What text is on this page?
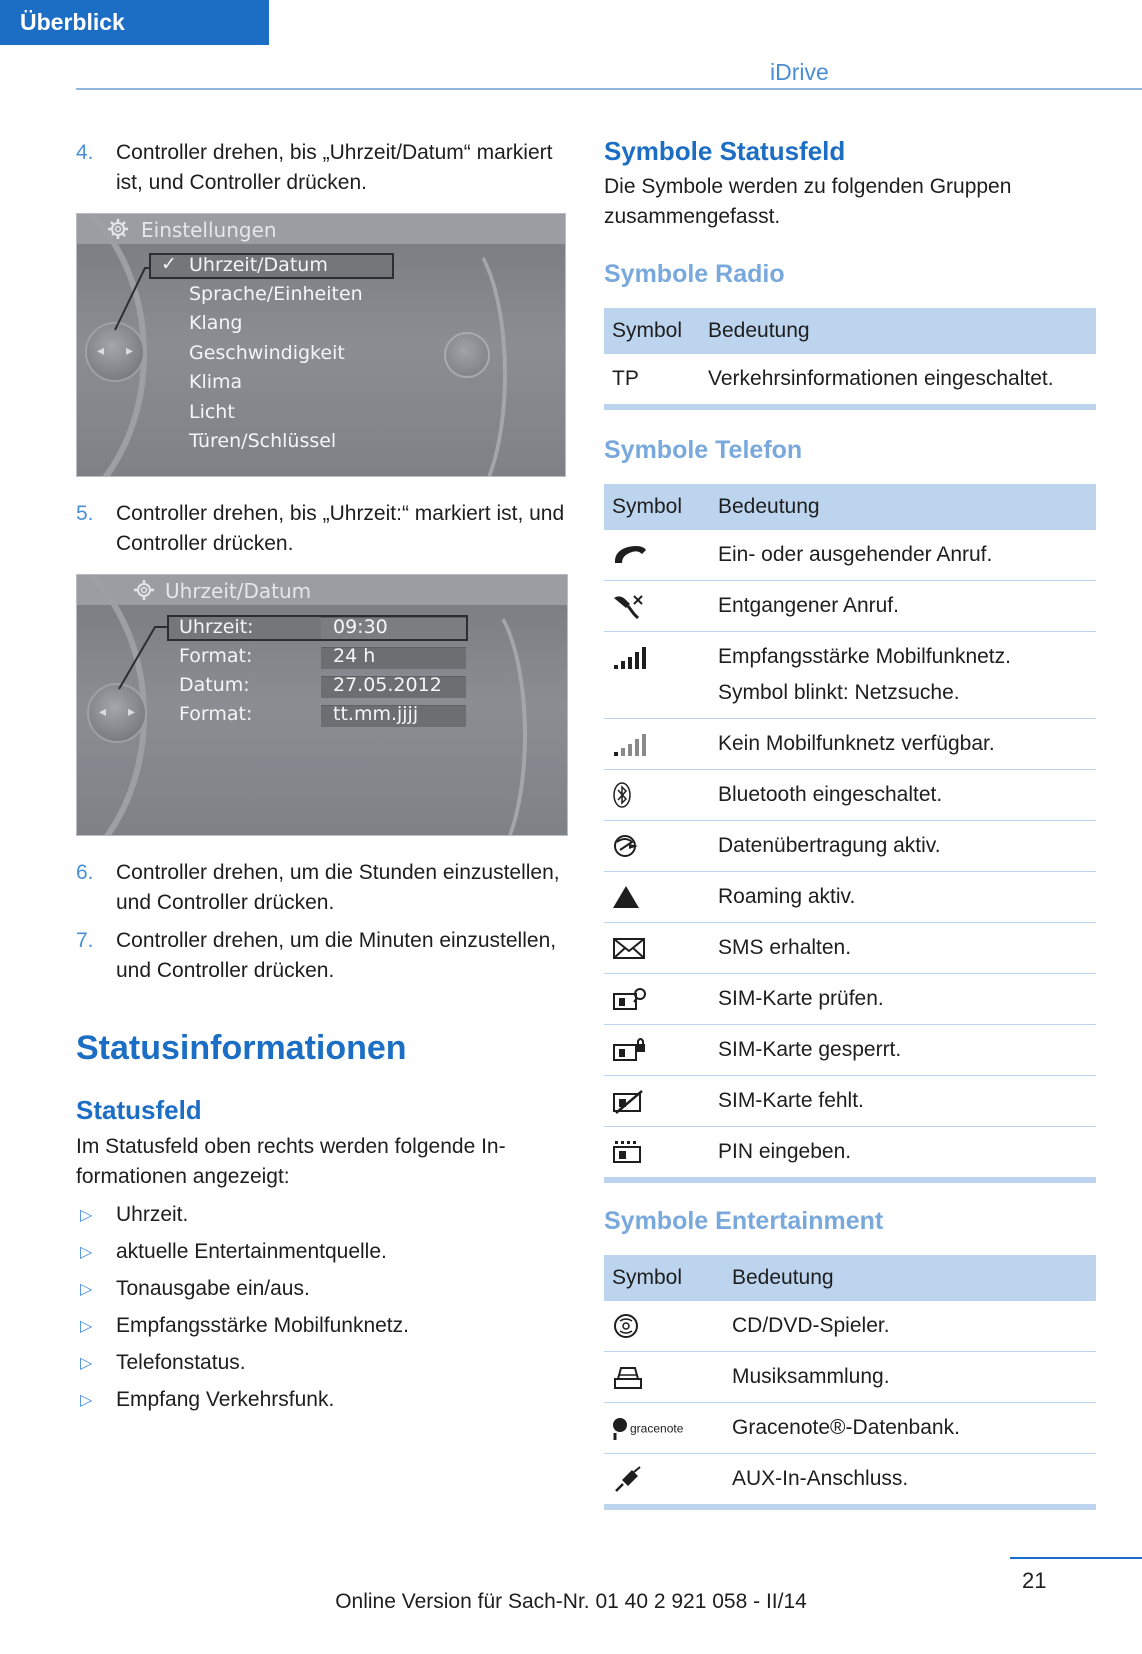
iDrive
Überblick
4. Controller drehen, bis „Uhrzeit/Datum“ markiert ist, und Controller drücken.
Einstellungen
◂ ▸
✓ Uhrzeit/Datum
Sprache/Einheiten
Klang
Geschwindigkeit
Klima
Licht
Türen/Schlüssel
5. Controller drehen, bis „Uhrzeit:“ markiert ist, und Controller drücken.
Uhrzeit/Datum
◂ ▸
Uhrzeit:	09:30
Format:	24 h
Datum:	27.05.2012
Format:	tt.mm.jjjj
6. Controller drehen, um die Stunden einzustellen, und Controller drücken.
7. Controller drehen, um die Minuten einzustellen, und Controller drücken.
Statusinformationen
Statusfeld
Im Statusfeld oben rechts werden folgende Informationen angezeigt:
▷ Uhrzeit.
▷ aktuelle Entertainmentquelle.
▷ Tonausgabe ein/aus.
▷ Empfangsstärke Mobilfunknetz.
▷ Telefonstatus.
▷ Empfang Verkehrsfunk.
Symbole Statusfeld
Die Symbole werden zu folgenden Gruppen zusammengefasst.
Symbole Radio
Symbol	Bedeutung
TP	Verkehrsinformationen eingeschaltet.
Symbole Telefon
Symbol	Bedeutung
	Ein- oder ausgehender Anruf.
	Entgangener Anruf.

Empfangsstärke Mobilfunknetz.
Symbol blinkt: Netzsuche.

	Kein Mobilfunknetz verfügbar.
	Bluetooth eingeschaltet.
	Datenübertragung aktiv.
	Roaming aktiv.
	SMS erhalten.
	SIM-Karte prüfen.
	SIM-Karte gesperrt.
	SIM-Karte fehlt.
	PIN eingeben.
Symbole Entertainment
Symbol	Bedeutung
	CD/DVD-Spieler.
	Musiksammlung.
gracenote	Gracenote®-Datenbank.
	AUX-In-Anschluss.
21
Online Version für Sach-Nr. 01 40 2 921 058 - II/14
